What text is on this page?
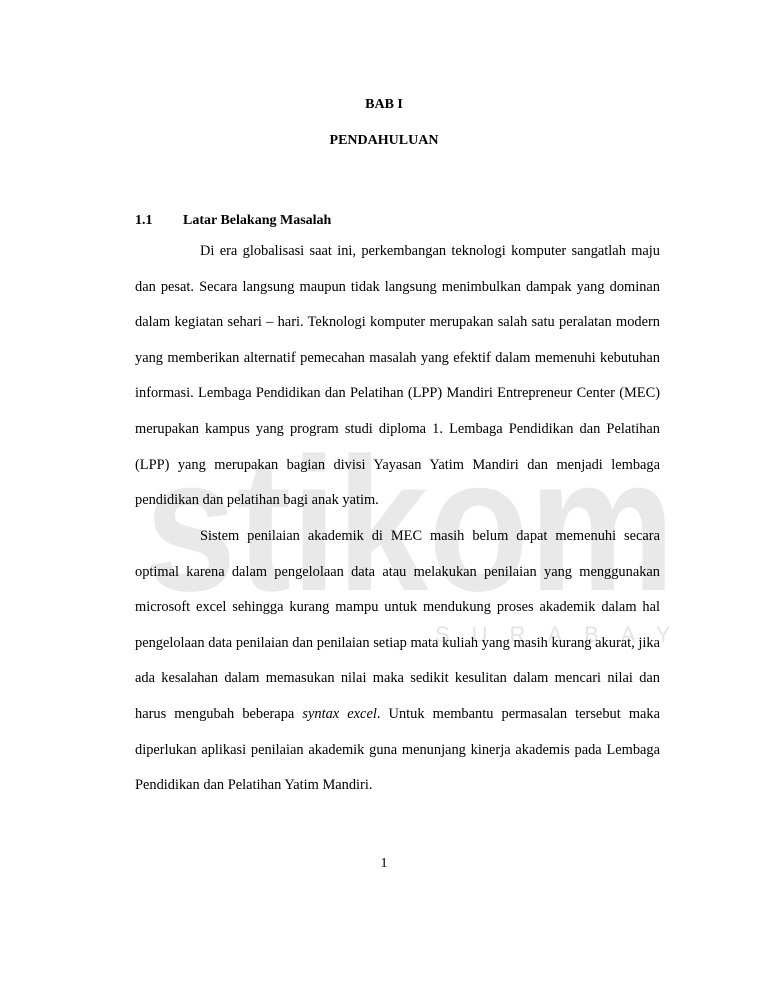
stikom
SURABAY
BAB I
PENDAHULUAN
1.1 Latar Belakang Masalah

Di era globalisasi saat ini, perkembangan teknologi komputer sangatlah maju dan pesat. Secara langsung maupun tidak langsung menimbulkan dampak yang dominan dalam kegiatan sehari – hari. Teknologi komputer merupakan salah satu peralatan modern yang memberikan alternatif pemecahan masalah yang efektif dalam memenuhi kebutuhan informasi. Lembaga Pendidikan dan Pelatihan (LPP) Mandiri Entrepreneur Center (MEC) merupakan kampus yang program studi diploma 1. Lembaga Pendidikan dan Pelatihan (LPP) yang merupakan bagian divisi Yayasan Yatim Mandiri dan menjadi lembaga pendidikan dan pelatihan bagi anak yatim.

Sistem penilaian akademik di MEC masih belum dapat memenuhi secara optimal karena dalam pengelolaan data atau melakukan penilaian yang menggunakan microsoft excel sehingga kurang mampu untuk mendukung proses akademik dalam hal pengelolaan data penilaian dan penilaian setiap mata kuliah yang masih kurang akurat, jika ada kesalahan dalam memasukan nilai maka sedikit kesulitan dalam mencari nilai dan harus mengubah beberapa syntax excel. Untuk membantu permasalan tersebut maka diperlukan aplikasi penilaian akademik guna menunjang kinerja akademis pada Lembaga Pendidikan dan Pelatihan Yatim Mandiri.

1
